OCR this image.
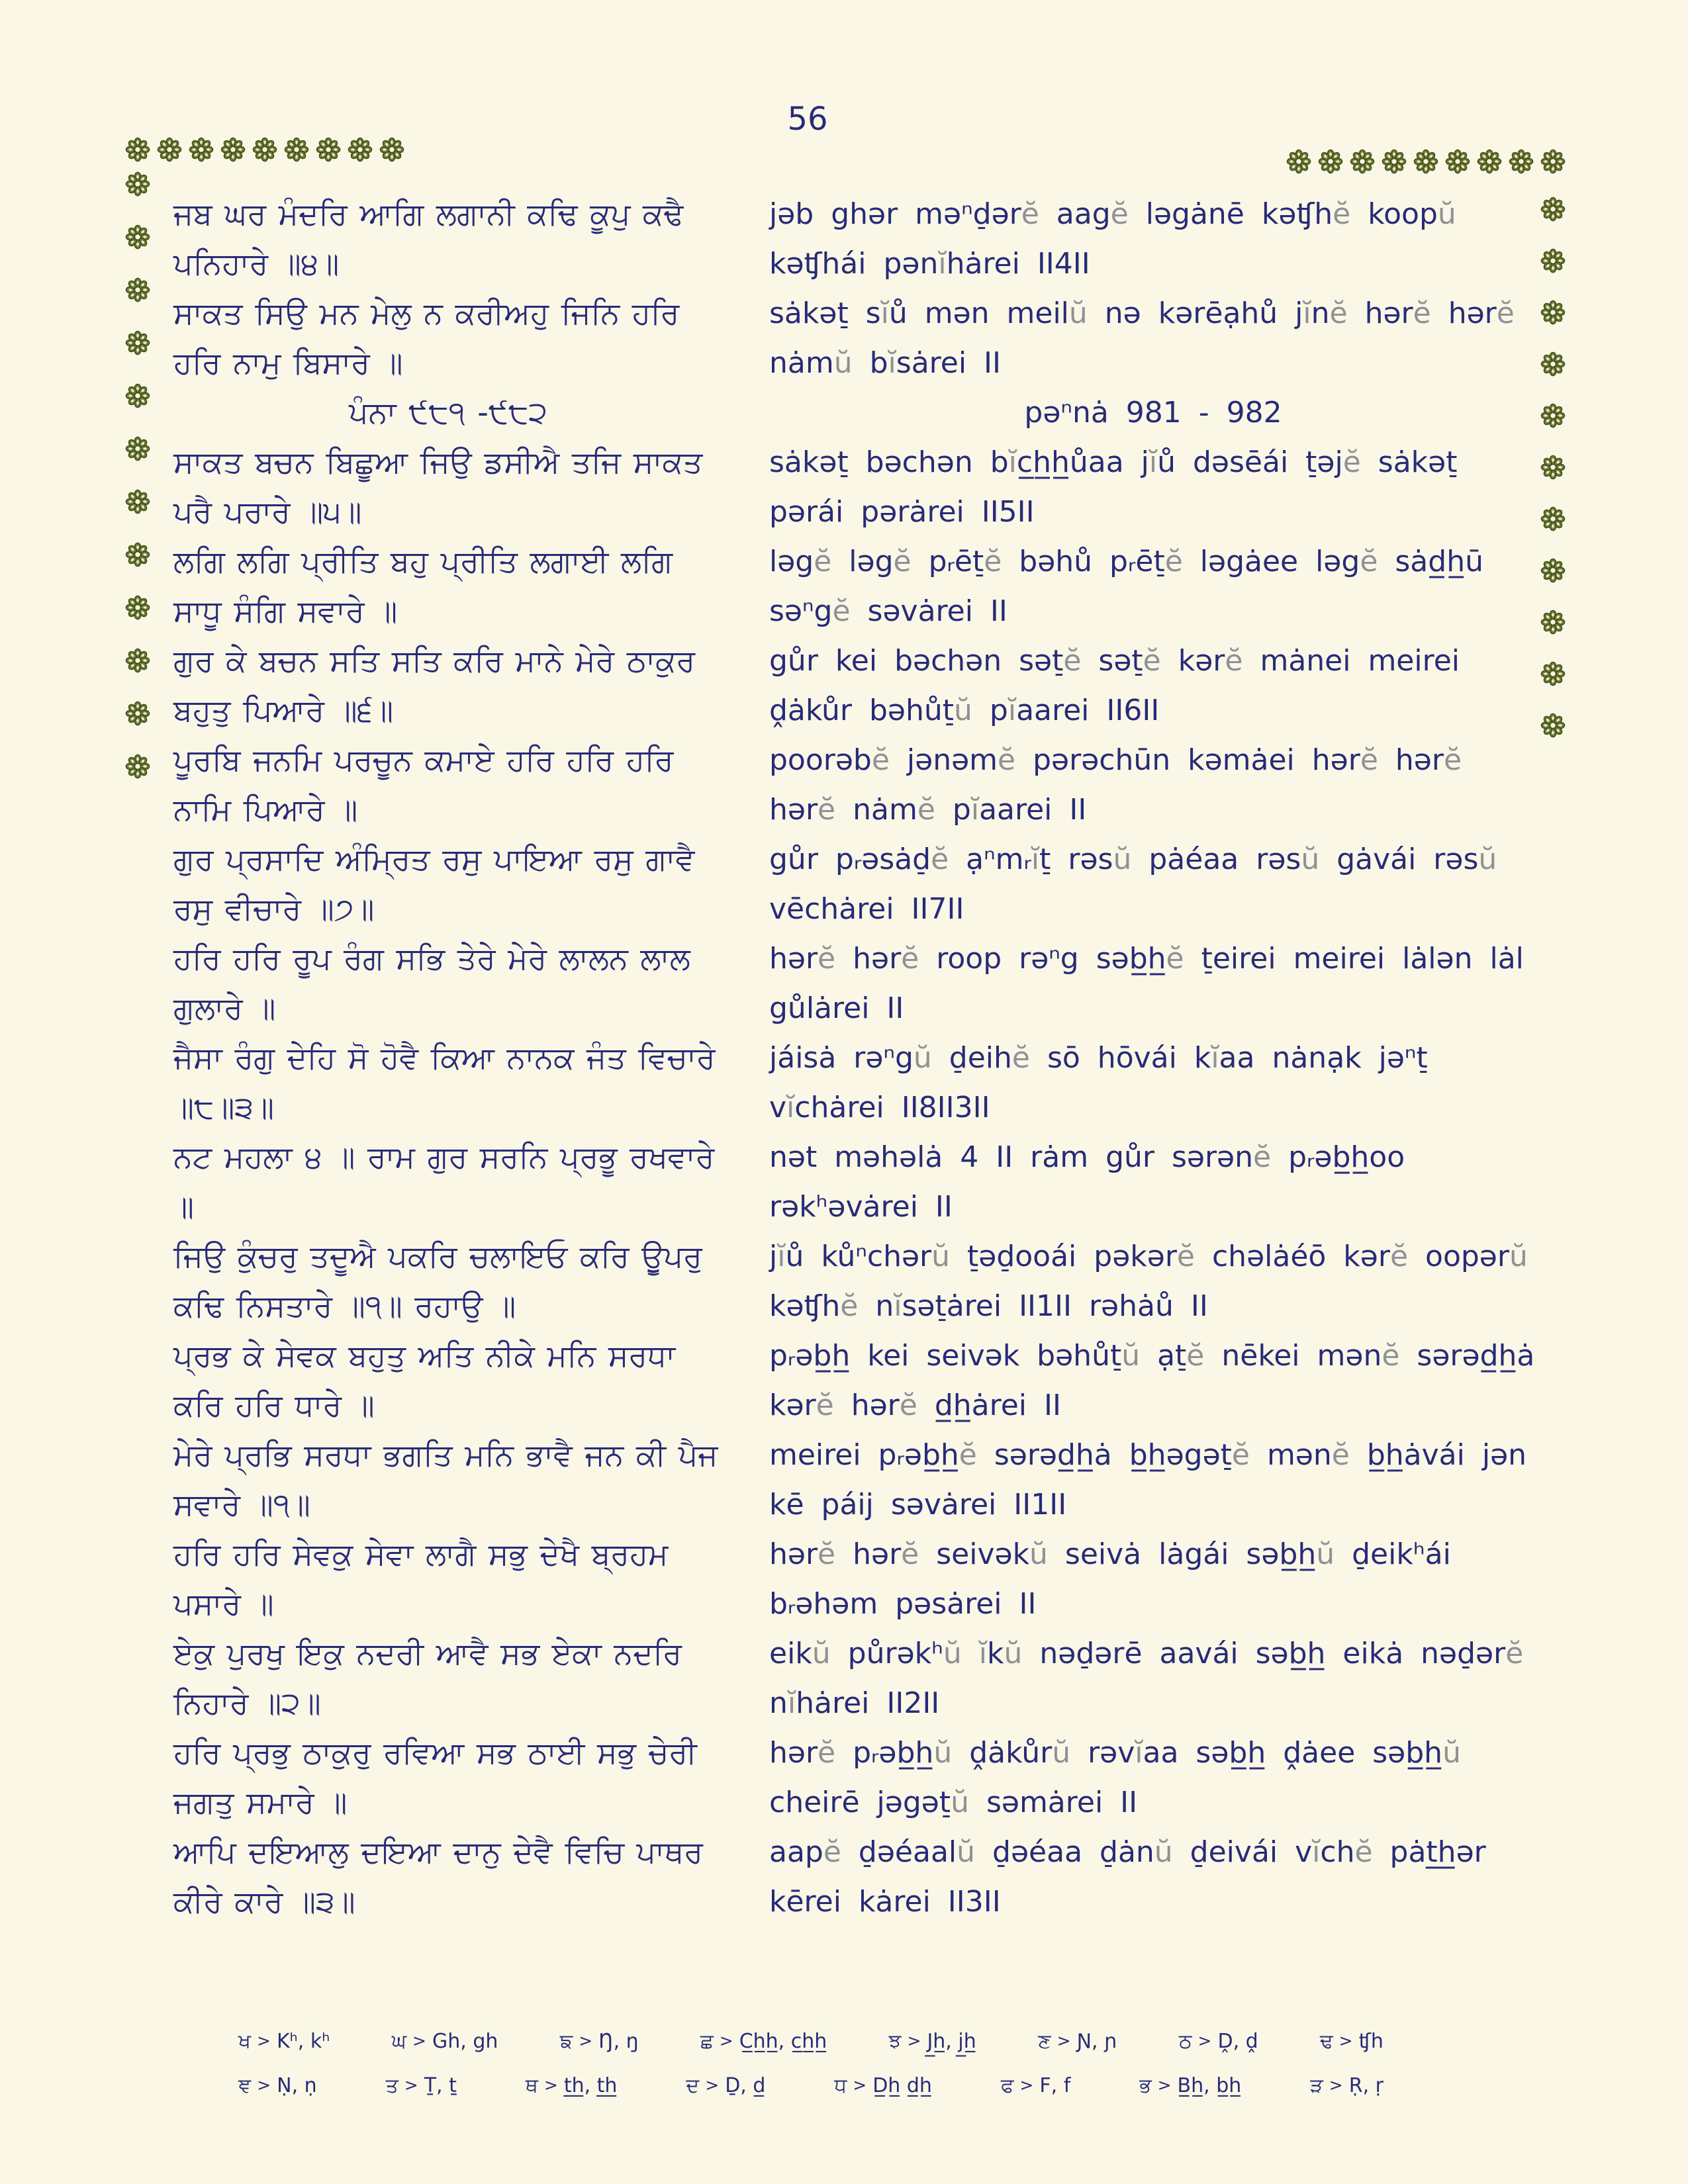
56
ਜਬ ਘਰ ਮੰਦਰਿ ਆਗਿ ਲਗਾਨੀ ਕਢਿ ਕੂਪੁ ਕਢੈ ਪਨਿਹਾਰੇ ॥੪॥
jəb ghər məⁿd̠ərĕ aagĕ ləgȧnē kəʧhĕ koopŭ kəʧhái pənĭhȧrei II4II
ਸਾਕਤ ਸਿਉ ਮਨ ਮੇਲੁ ਨ ਕਰੀਅਹੁ ਜਿਨਿ ਹਰਿ ਹਰਿ ਨਾਮੁ ਬਿਸਾਰੇ ॥
sȧkət̠ sĭů mən meilŭ nə kərēạhů jĭnĕ hərĕ hərĕ nȧmŭ bĭsȧrei II
ਪੰਨਾ ੯੮੧ -੯੮੨	pəⁿnȧ 981 - 982
ਸਾਕਤ ਬਚਨ ਬਿਛੂਆ ਜਿਉ ਡਸੀਐ ਤਜਿ ਸਾਕਤ ਪਰੈ ਪਰਾਰੇ ॥੫॥
sȧkət̠ bəchən bĭc̲h̲h̲ůaa jĭů dəsēái t̠əjĕ sȧkət̠ pərái pərȧrei II5II
ਲਗਿ ਲਗਿ ਪ੍ਰੀਤਿ ਬਹੁ ਪ੍ਰੀਤਿ ਲਗਾਈ ਲਗਿ ਸਾਧੂ ਸੰਗਿ ਸਵਾਰੇ ॥
ləgĕ ləgĕ pᵣēt̠ĕ bəhů pᵣēt̠ĕ ləgȧee ləgĕ sȧd̲h̲ū səⁿgĕ səvȧrei II
ਗੁਰ ਕੇ ਬਚਨ ਸਤਿ ਸਤਿ ਕਰਿ ਮਾਨੇ ਮੇਰੇ ਠਾਕੁਰ ਬਹੁਤੁ ਪਿਆਰੇ ॥੬॥
gůr kei bəchən sət̠ĕ sət̠ĕ kərĕ mȧnei meirei ḓȧkůr bəhůt̠ŭ pĭaarei II6II
ਪੂਰਬਿ ਜਨਮਿ ਪਰਚੂਨ ਕਮਾਏ ਹਰਿ ਹਰਿ ਹਰਿ ਨਾਮਿ ਪਿਆਰੇ ॥
poorəbĕ jənəmĕ pərəchūn kəmȧei hərĕ hərĕ hərĕ nȧmĕ pĭaarei II
ਗੁਰ ਪ੍ਰਸਾਦਿ ਅੰਮ੍ਰਿਤ ਰਸੁ ਪਾਇਆ ਰਸੁ ਗਾਵੈ ਰਸੁ ਵੀਚਾਰੇ ॥੭॥
gůr pᵣəsȧd̠ĕ ạⁿmᵣĭt̠ rəsŭ pȧéaa rəsŭ gȧvái rəsŭ vēchȧrei II7II
ਹਰਿ ਹਰਿ ਰੂਪ ਰੰਗ ਸਭਿ ਤੇਰੇ ਮੇਰੇ ਲਾਲਨ ਲਾਲ ਗੁਲਾਰੇ ॥
hərĕ hərĕ roop rəⁿg səb̲h̲ĕ t̠eirei meirei lȧlən lȧl gůlȧrei II
ਜੈਸਾ ਰੰਗੁ ਦੇਹਿ ਸੋ ਹੋਵੈ ਕਿਆ ਨਾਨਕ ਜੰਤ ਵਿਚਾਰੇ ॥੮॥੩॥
jáisȧ rəⁿgŭ d̠eihĕ sō hōvái kĭaa nȧnạk jəⁿt̠ vĭchȧrei II8II3II
ਨਟ ਮਹਲਾ ੪ ॥ ਰਾਮ ਗੁਰ ਸਰਨਿ ਪ੍ਰਭੂ ਰਖਵਾਰੇ ॥
nət məhəlȧ 4 II rȧm gůr sərənĕ pᵣəb̲h̲oo rəkʰəvȧrei II
ਜਿਉ ਕੁੰਚਰੁ ਤਦੂਐ ਪਕਰਿ ਚਲਾਇਓ ਕਰਿ ਉੂਪਰੁ ਕਢਿ ਨਿਸਤਾਰੇ ॥੧॥ ਰਹਾਉ ॥
jĭů kůⁿchərŭ t̠əd̠ooái pəkərĕ chəlȧéō kərĕ oopərŭ kəʧhĕ nĭsət̠ȧrei II1II rəhȧů II
ਪ੍ਰਭ ਕੇ ਸੇਵਕ ਬਹੁਤੁ ਅਤਿ ਨੀਕੇ ਮਨਿ ਸਰਧਾ ਕਰਿ ਹਰਿ ਧਾਰੇ ॥
pᵣəb̲h̲ kei seivək bəhůt̠ŭ ạt̠ĕ nēkei mənĕ sərəd̲h̲ȧ kərĕ hərĕ d̲h̲ȧrei II
ਮੇਰੇ ਪ੍ਰਭਿ ਸਰਧਾ ਭਗਤਿ ਮਨਿ ਭਾਵੈ ਜਨ ਕੀ ਪੈਜ ਸਵਾਰੇ ॥੧॥
meirei pᵣəb̲h̲ĕ sərəd̲h̲ȧ b̲h̲əgət̠ĕ mənĕ b̲h̲ȧvái jən kē páij səvȧrei II1II
ਹਰਿ ਹਰਿ ਸੇਵਕੁ ਸੇਵਾ ਲਾਗੈ ਸਭੁ ਦੇਖੈ ਬ੍ਰਹਮ ਪਸਾਰੇ ॥
hərĕ hərĕ seivəkŭ seivȧ lȧgái səb̲h̲ŭ d̠eikʰái bᵣəhəm pəsȧrei II
ਏਕੁ ਪੁਰਖੁ ਇਕੁ ਨਦਰੀ ਆਵੈ ਸਭ ਏਕਾ ਨਦਰਿ ਨਿਹਾਰੇ ॥੨॥
eikŭ půrəkʰŭ ĭkŭ nəd̠ərē aavái səb̲h̲ eikȧ nəd̠ərĕ nĭhȧrei II2II
ਹਰਿ ਪ੍ਰਭੁ ਠਾਕੁਰੁ ਰਵਿਆ ਸਭ ਠਾਈ ਸਭੁ ਚੇਰੀ ਜਗਤੁ ਸਮਾਰੇ ॥
hərĕ pᵣəb̲h̲ŭ ḓȧkůrŭ rəvĭaa səb̲h̲ ḓȧee səb̲h̲ŭ cheirē jəgət̠ŭ səmȧrei II
ਆਪਿ ਦਇਆਲੁ ਦਇਆ ਦਾਨੁ ਦੇਵੈ ਵਿਚਿ ਪਾਥਰ ਕੀਰੇ ਕਾਰੇ ॥੩॥
aapĕ d̠əéaalŭ d̠əéaa d̠ȧnŭ d̠eivái vĭchĕ pȧt̲h̲ər kērei kȧrei II3II
ਖ > Kʰ, kʰ	ਘ > Gh, gh	ਙ > Ŋ, ŋ	ਛ > C̲h̲h̲, c̲h̲h̲	ਝ > J̲h̲, j̲h̲	ਣ > Ɲ, ɲ	ਠ > Ḓ, ḓ	ਢ > ʧh
ਞ > Ṇ, ṇ	ਤ > Ṯ, ṯ	ਥ > t̲h̲, t̲h̲	ਦ > Ḏ, d̲	ਧ > D̲h̲ d̲h̲	ਫ > F, f	ਭ > B̲h̲, b̲h̲	ੜ > Ṛ, ṛ
